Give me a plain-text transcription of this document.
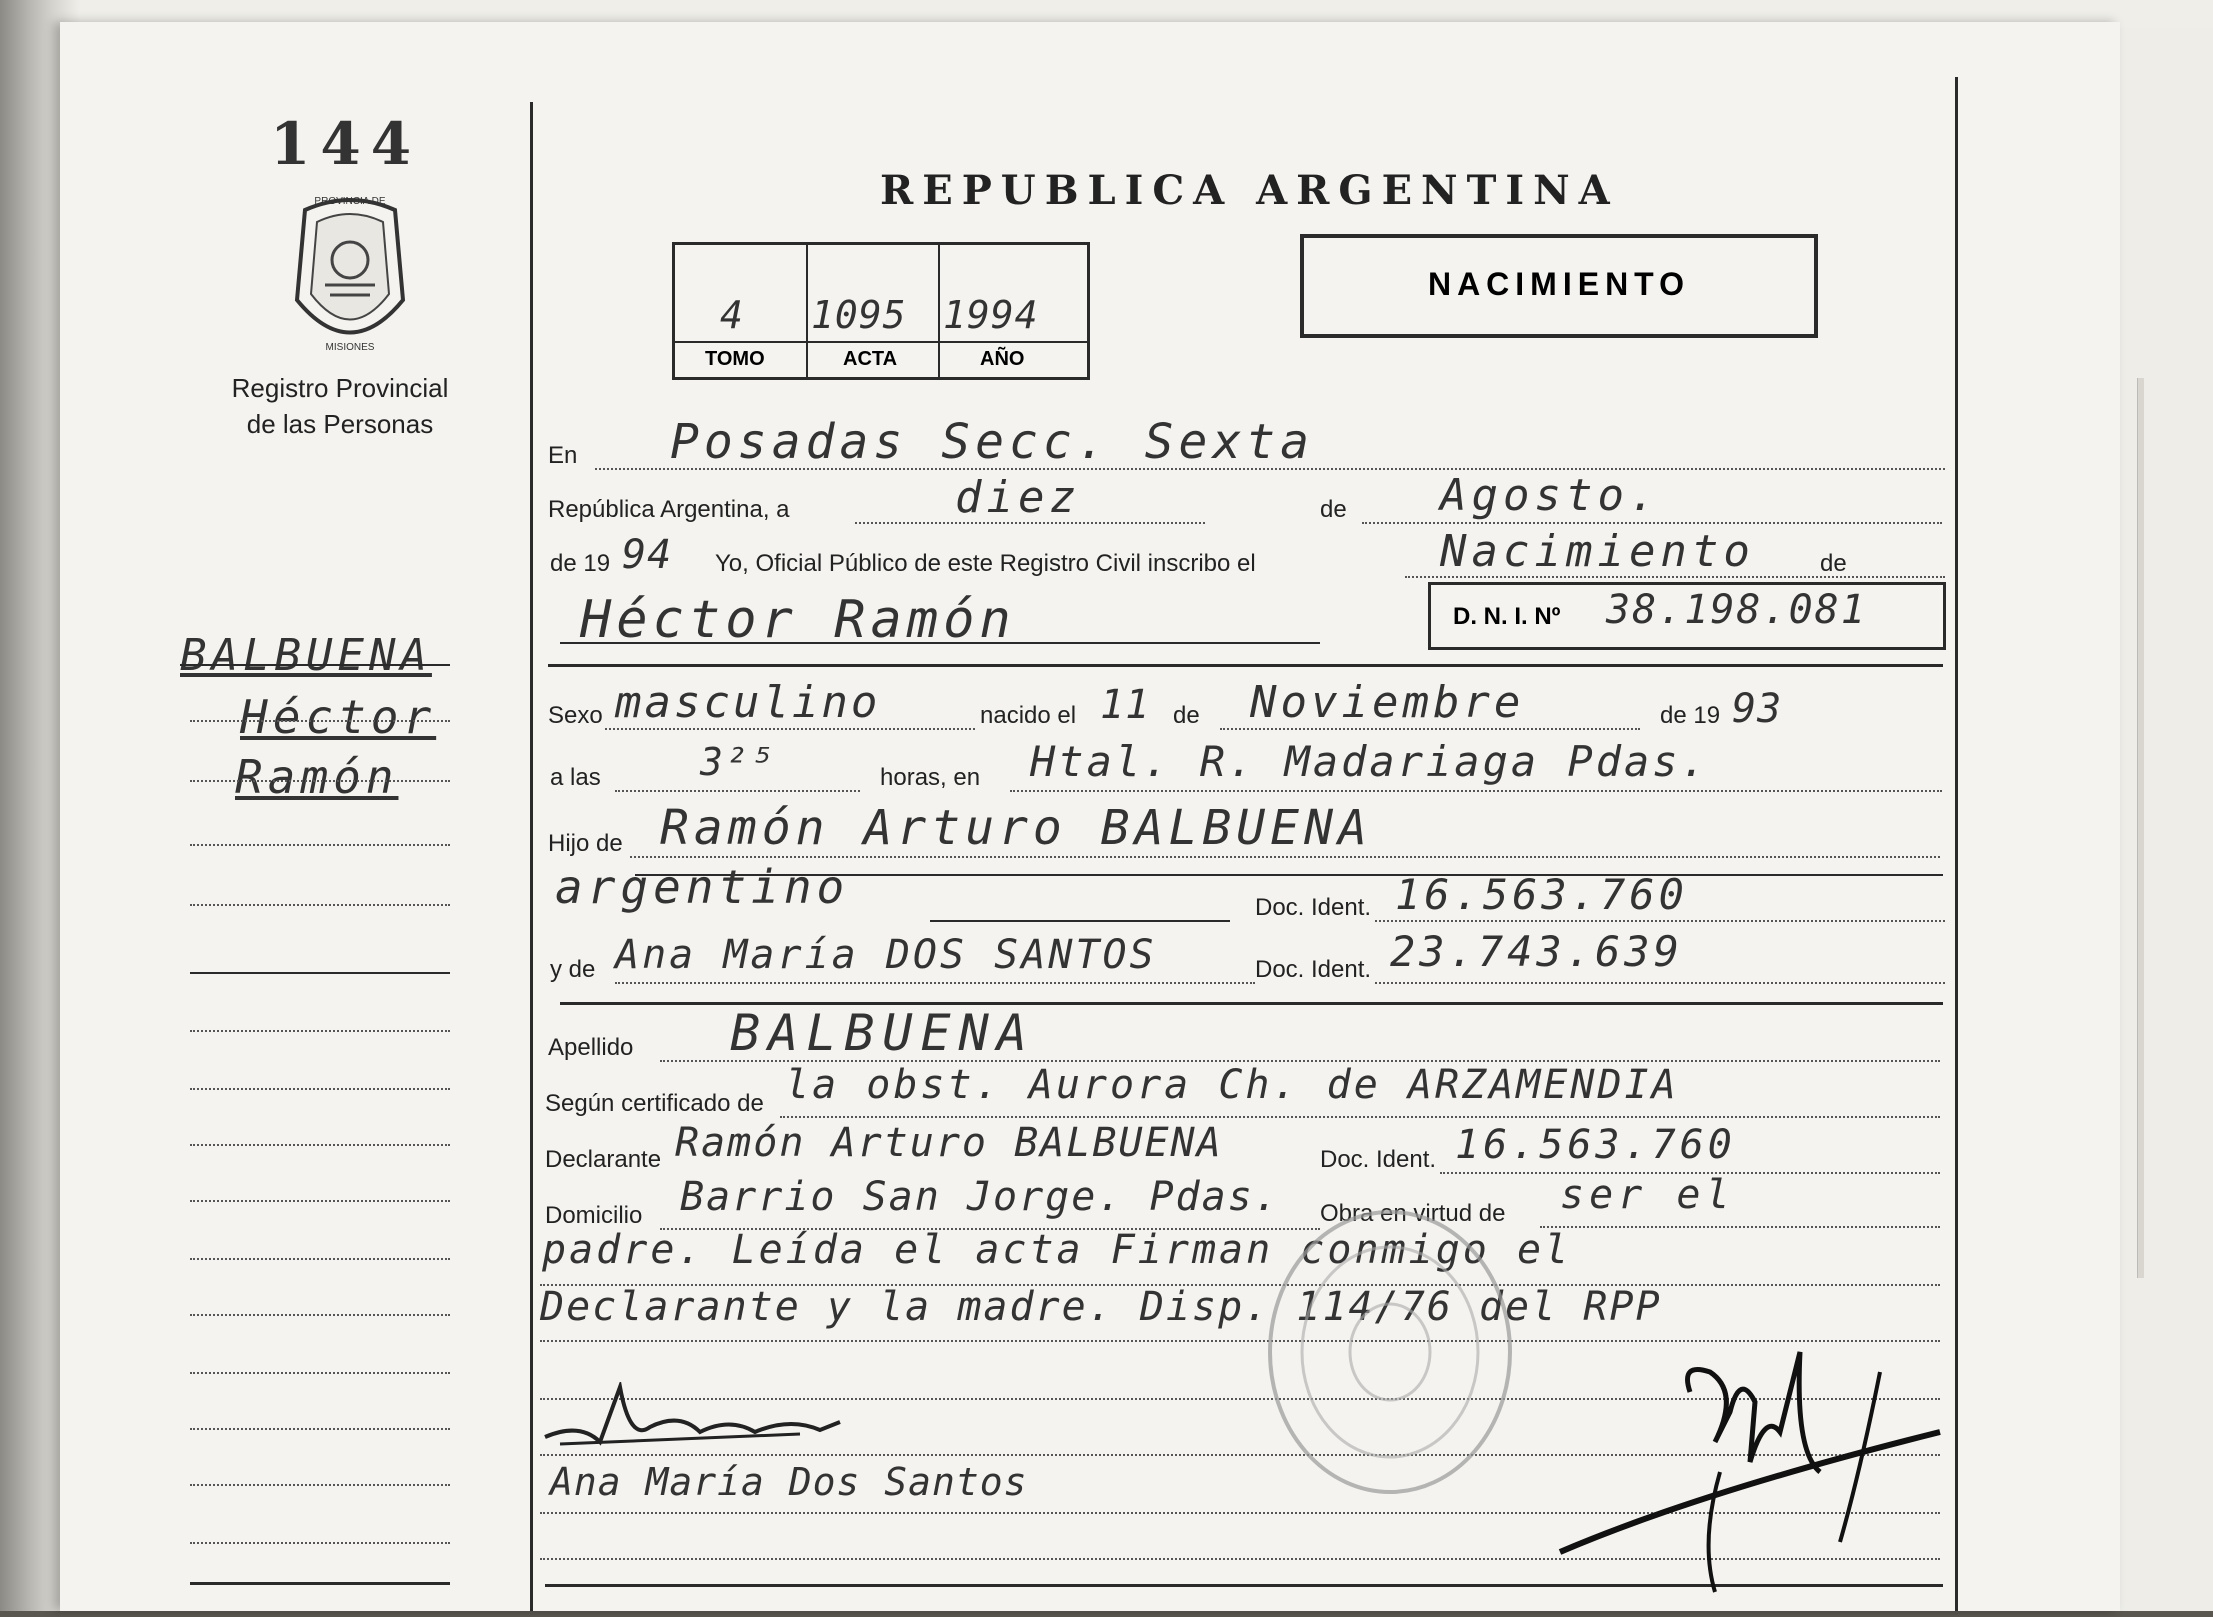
144
PROVINCIA DE
MISIONES
Registro Provincial
de las Personas
BALBUENA
Héctor
Ramón
REPUBLICA ARGENTINA
4 1095 1994
TOMO	ACTA	AÑO
NACIMIENTO
En Posadas Secc. Sexta
República Argentina, a	diez	de Agosto.
de 19 94 Yo, Oficial Público de este Registro Civil inscribo el	Nacimiento	de
Héctor Ramón	D. N. I. Nº 38.198.081
Sexo masculino	nacido el 11 de Noviembre	de 19 93
a las	3²⁵	horas, en Htal. R. Madariaga Pdas.
Hijo de Ramón Arturo BALBUENA
argentino	Doc. Ident. 16.563.760
y de Ana María DOS SANTOS	Doc. Ident. 23.743.639
Apellido BALBUENA
Según certificado de la obst. Aurora Ch. de ARZAMENDIA
Declarante Ramón Arturo BALBUENA	Doc. Ident. 16.563.760
Domicilio Barrio San Jorge. Pdas. Obra en virtud de ser el
padre. Leída el acta Firman conmigo el
Declarante y la madre. Disp. 114/76 del RPP
Ana María Dos Santos
